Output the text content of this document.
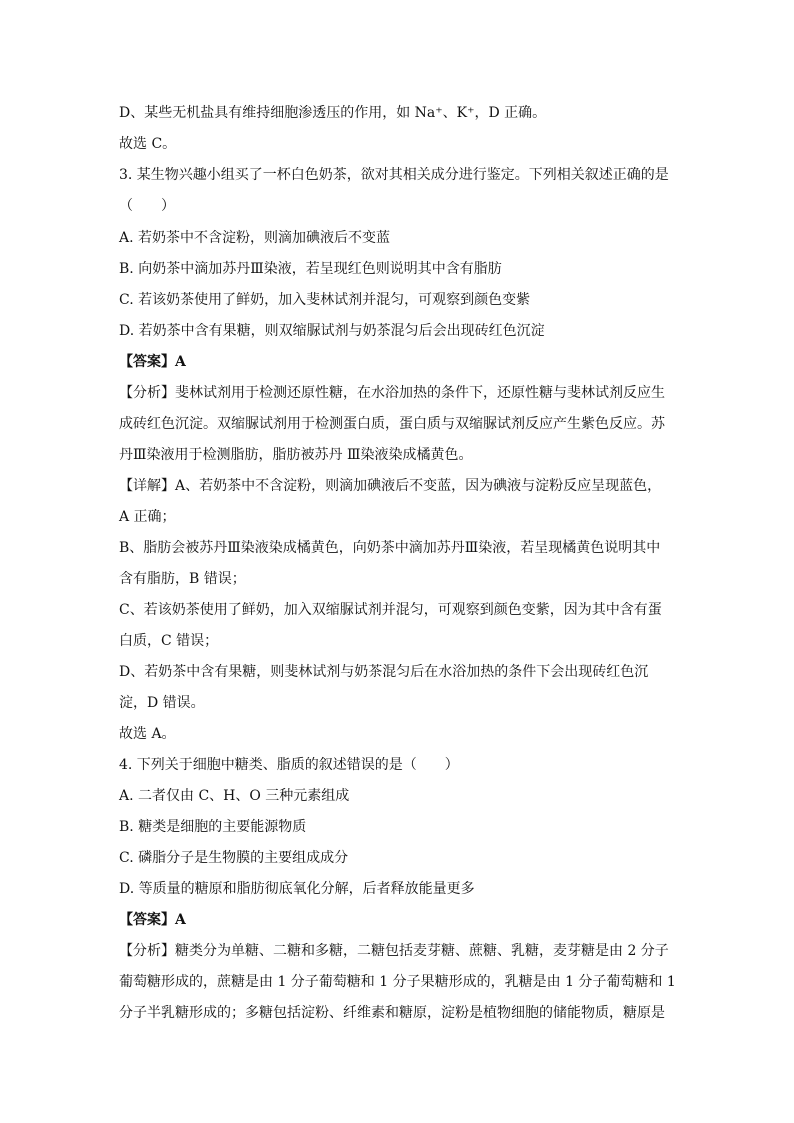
D、某些无机盐具有维持细胞渗透压的作用，如 Na⁺、K⁺，D 正确。
故选 C。
3. 某生物兴趣小组买了一杯白色奶茶，欲对其相关成分进行鉴定。下列相关叙述正确的是
（　　）
A. 若奶茶中不含淀粉，则滴加碘液后不变蓝
B. 向奶茶中滴加苏丹Ⅲ染液，若呈现红色则说明其中含有脂肪
C. 若该奶茶使用了鲜奶，加入斐林试剂并混匀，可观察到颜色变紫
D. 若奶茶中含有果糖，则双缩脲试剂与奶茶混匀后会出现砖红色沉淀
【答案】A
【分析】斐林试剂用于检测还原性糖，在水浴加热的条件下，还原性糖与斐林试剂反应生
成砖红色沉淀。双缩脲试剂用于检测蛋白质，蛋白质与双缩脲试剂反应产生紫色反应。苏
丹Ⅲ染液用于检测脂肪，脂肪被苏丹 Ⅲ染液染成橘黄色。
【详解】A、若奶茶中不含淀粉，则滴加碘液后不变蓝，因为碘液与淀粉反应呈现蓝色，
A 正确；
B、脂肪会被苏丹Ⅲ染液染成橘黄色，向奶茶中滴加苏丹Ⅲ染液，若呈现橘黄色说明其中
含有脂肪，B 错误；
C、若该奶茶使用了鲜奶，加入双缩脲试剂并混匀，可观察到颜色变紫，因为其中含有蛋
白质，C 错误；
D、若奶茶中含有果糖，则斐林试剂与奶茶混匀后在水浴加热的条件下会出现砖红色沉
淀，D 错误。
故选 A。
4. 下列关于细胞中糖类、脂质的叙述错误的是（　　）
A. 二者仅由 C、H、O 三种元素组成
B. 糖类是细胞的主要能源物质
C. 磷脂分子是生物膜的主要组成成分
D. 等质量的糖原和脂肪彻底氧化分解，后者释放能量更多
【答案】A
【分析】糖类分为单糖、二糖和多糖，二糖包括麦芽糖、蔗糖、乳糖，麦芽糖是由 2 分子
葡萄糖形成的，蔗糖是由 1 分子葡萄糖和 1 分子果糖形成的，乳糖是由 1 分子葡萄糖和 1
分子半乳糖形成的；多糖包括淀粉、纤维素和糖原，淀粉是植物细胞的储能物质，糖原是
